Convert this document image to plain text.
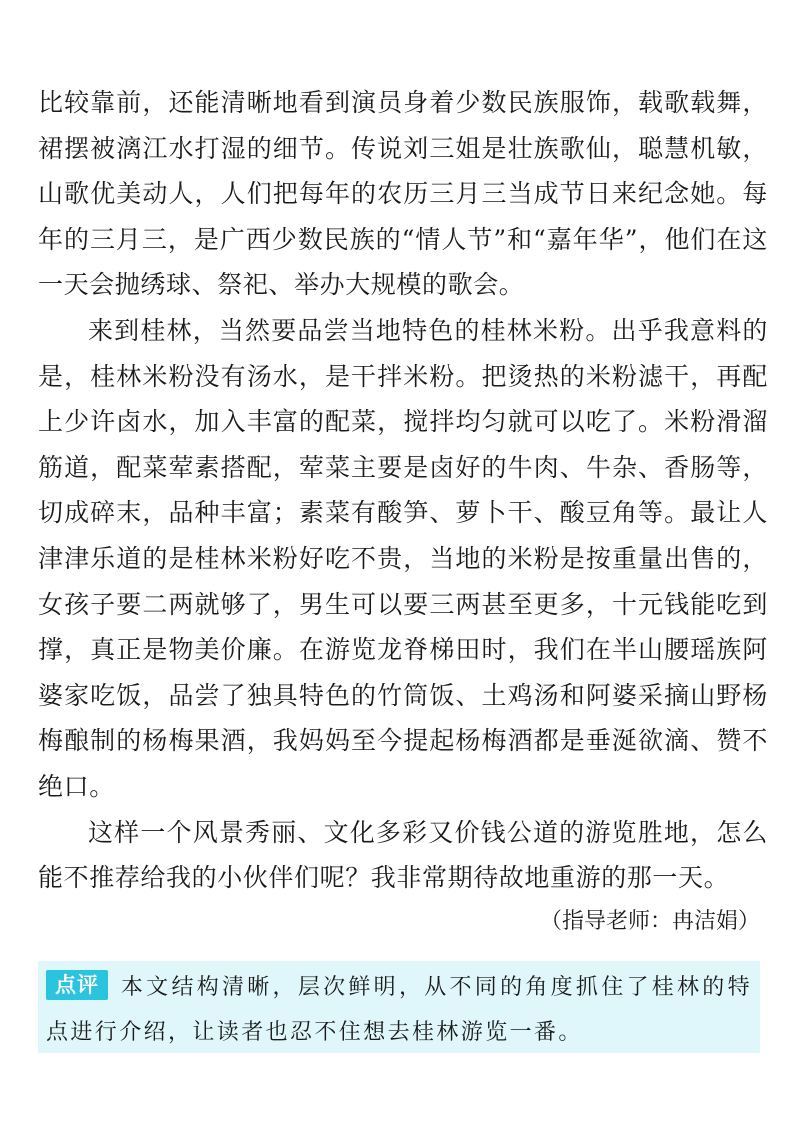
比较靠前，还能清晰地看到演员身着少数民族服饰，载歌载舞，裙摆被漓江水打湿的细节。传说刘三姐是壮族歌仙，聪慧机敏，山歌优美动人，人们把每年的农历三月三当成节日来纪念她。每年的三月三，是广西少数民族的“情人节”和“嘉年华”，他们在这一天会抛绣球、祭祀、举办大规模的歌会。

来到桂林，当然要品尝当地特色的桂林米粉。出乎我意料的是，桂林米粉没有汤水，是干拌米粉。把烫热的米粉滤干，再配上少许卤水，加入丰富的配菜，搅拌均匀就可以吃了。米粉滑溜筋道，配菜荤素搭配，荤菜主要是卤好的牛肉、牛杂、香肠等，切成碎末，品种丰富；素菜有酸笋、萝卜干、酸豆角等。最让人津津乐道的是桂林米粉好吃不贵，当地的米粉是按重量出售的，女孩子要二两就够了，男生可以要三两甚至更多，十元钱能吃到撑，真正是物美价廉。在游览龙脊梯田时，我们在半山腰瑶族阿婆家吃饭，品尝了独具特色的竹筒饭、土鸡汤和阿婆采摘山野杨梅酿制的杨梅果酒，我妈妈至今提起杨梅酒都是垂涎欲滴、赞不绝口。

这样一个风景秀丽、文化多彩又价钱公道的游览胜地，怎么能不推荐给我的小伙伴们呢？我非常期待故地重游的那一天。

（指导老师：冉洁娟）

点评 本文结构清晰，层次鲜明，从不同的角度抓住了桂林的特点进行介绍，让读者也忍不住想去桂林游览一番。
